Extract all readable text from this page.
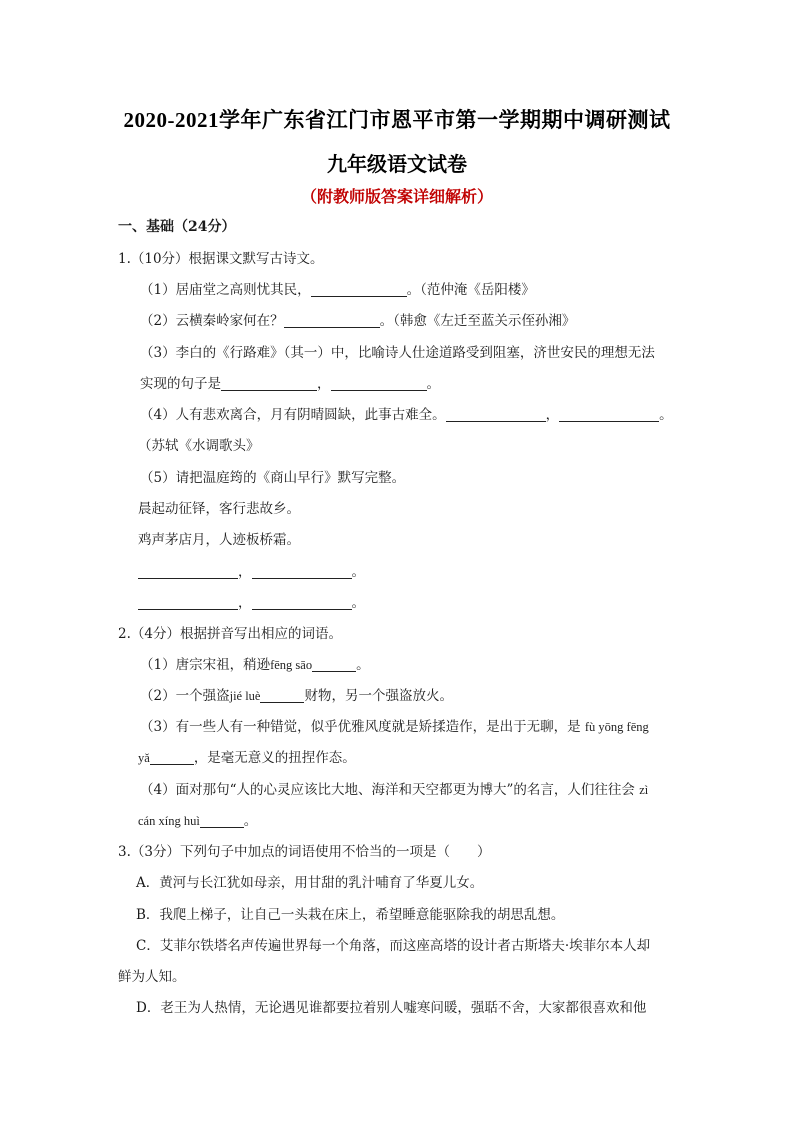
2020-2021学年广东省江门市恩平市第一学期期中调研测试
九年级语文试卷
（附教师版答案详细解析）
一、基础（24分）
1.（10分）根据课文默写古诗文。
（1）居庙堂之高则忧其民，	。（范仲淹《岳阳楼》
（2）云横秦岭家何在？	。（韩愈《左迁至蓝关示侄孙湘》
（3）李白的《行路难》（其一）中，比喻诗人仕途道路受到阻塞，济世安民的理想无法
实现的句子是	，	。
（4）人有悲欢离合，月有阴晴圆缺，此事古难全。	，	。
（苏轼《水调歌头》
（5）请把温庭筠的《商山早行》默写完整。
晨起动征铎，客行悲故乡。
鸡声茅店月，人迹板桥霜。
，	。
，	。
2.（4分）根据拼音写出相应的词语。
（1）唐宗宋祖，稍逊fēng sāo	。
（2）一个强盗jié luè	财物，另一个强盗放火。
（3）有一些人有一种错觉，似乎优雅风度就是矫揉造作，是出于无聊，是 fù yōng fēng
yǎ	，是毫无意义的扭捏作态。
（4）面对那句“人的心灵应该比大地、海洋和天空都更为博大”的名言，人们往往会 zì
cán xíng huì	。
3.（3分）下列句子中加点的词语使用不恰当的一项是（　　）
A．黄河与长江犹如母亲，用甘甜的乳汁哺育了华夏儿女。
B．我爬上梯子，让自己一头栽在床上，希望睡意能驱除我的胡思乱想。
C．艾菲尔铁塔名声传遍世界每一个角落，而这座高塔的设计者古斯塔夫·埃菲尔本人却
鲜为人知。
D．老王为人热情，无论遇见谁都要拉着别人嘘寒问暖，强聒不舍，大家都很喜欢和他
